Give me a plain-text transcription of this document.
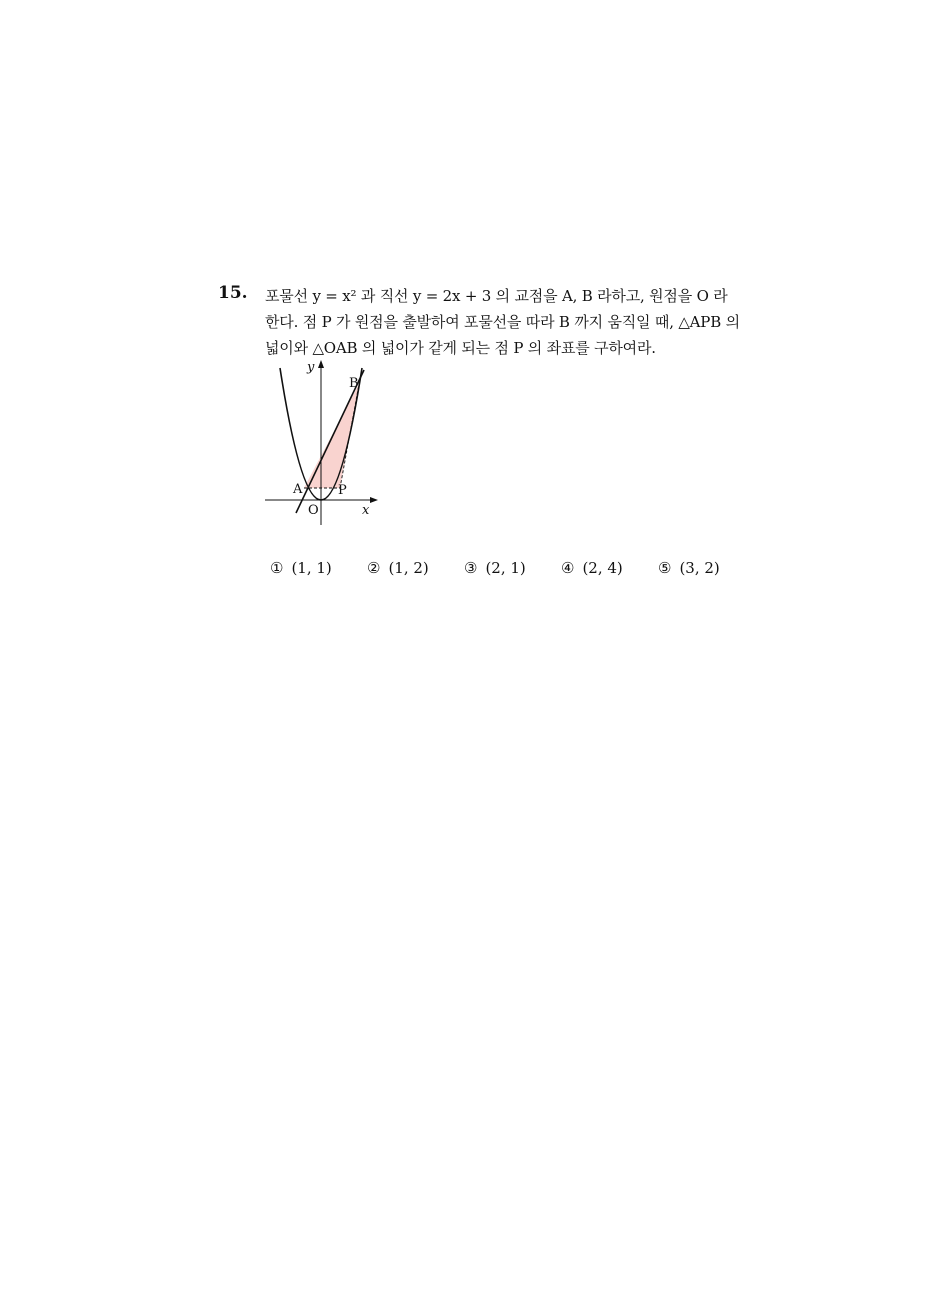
15. 포물선 y = x² 과 직선 y = 2x + 3 의 교점을 A, B 라하고, 원점을 O 라
한다. 점 P 가 원점을 출발하여 포물선을 따라 B 까지 움직일 때, △APB 의
넓이와 △OAB 의 넓이가 같게 되는 점 P 의 좌표를 구하여라.
y
B
A	P
O	x
① (1, 1) ② (1, 2) ③ (2, 1) ④ (2, 4) ⑤ (3, 2)
